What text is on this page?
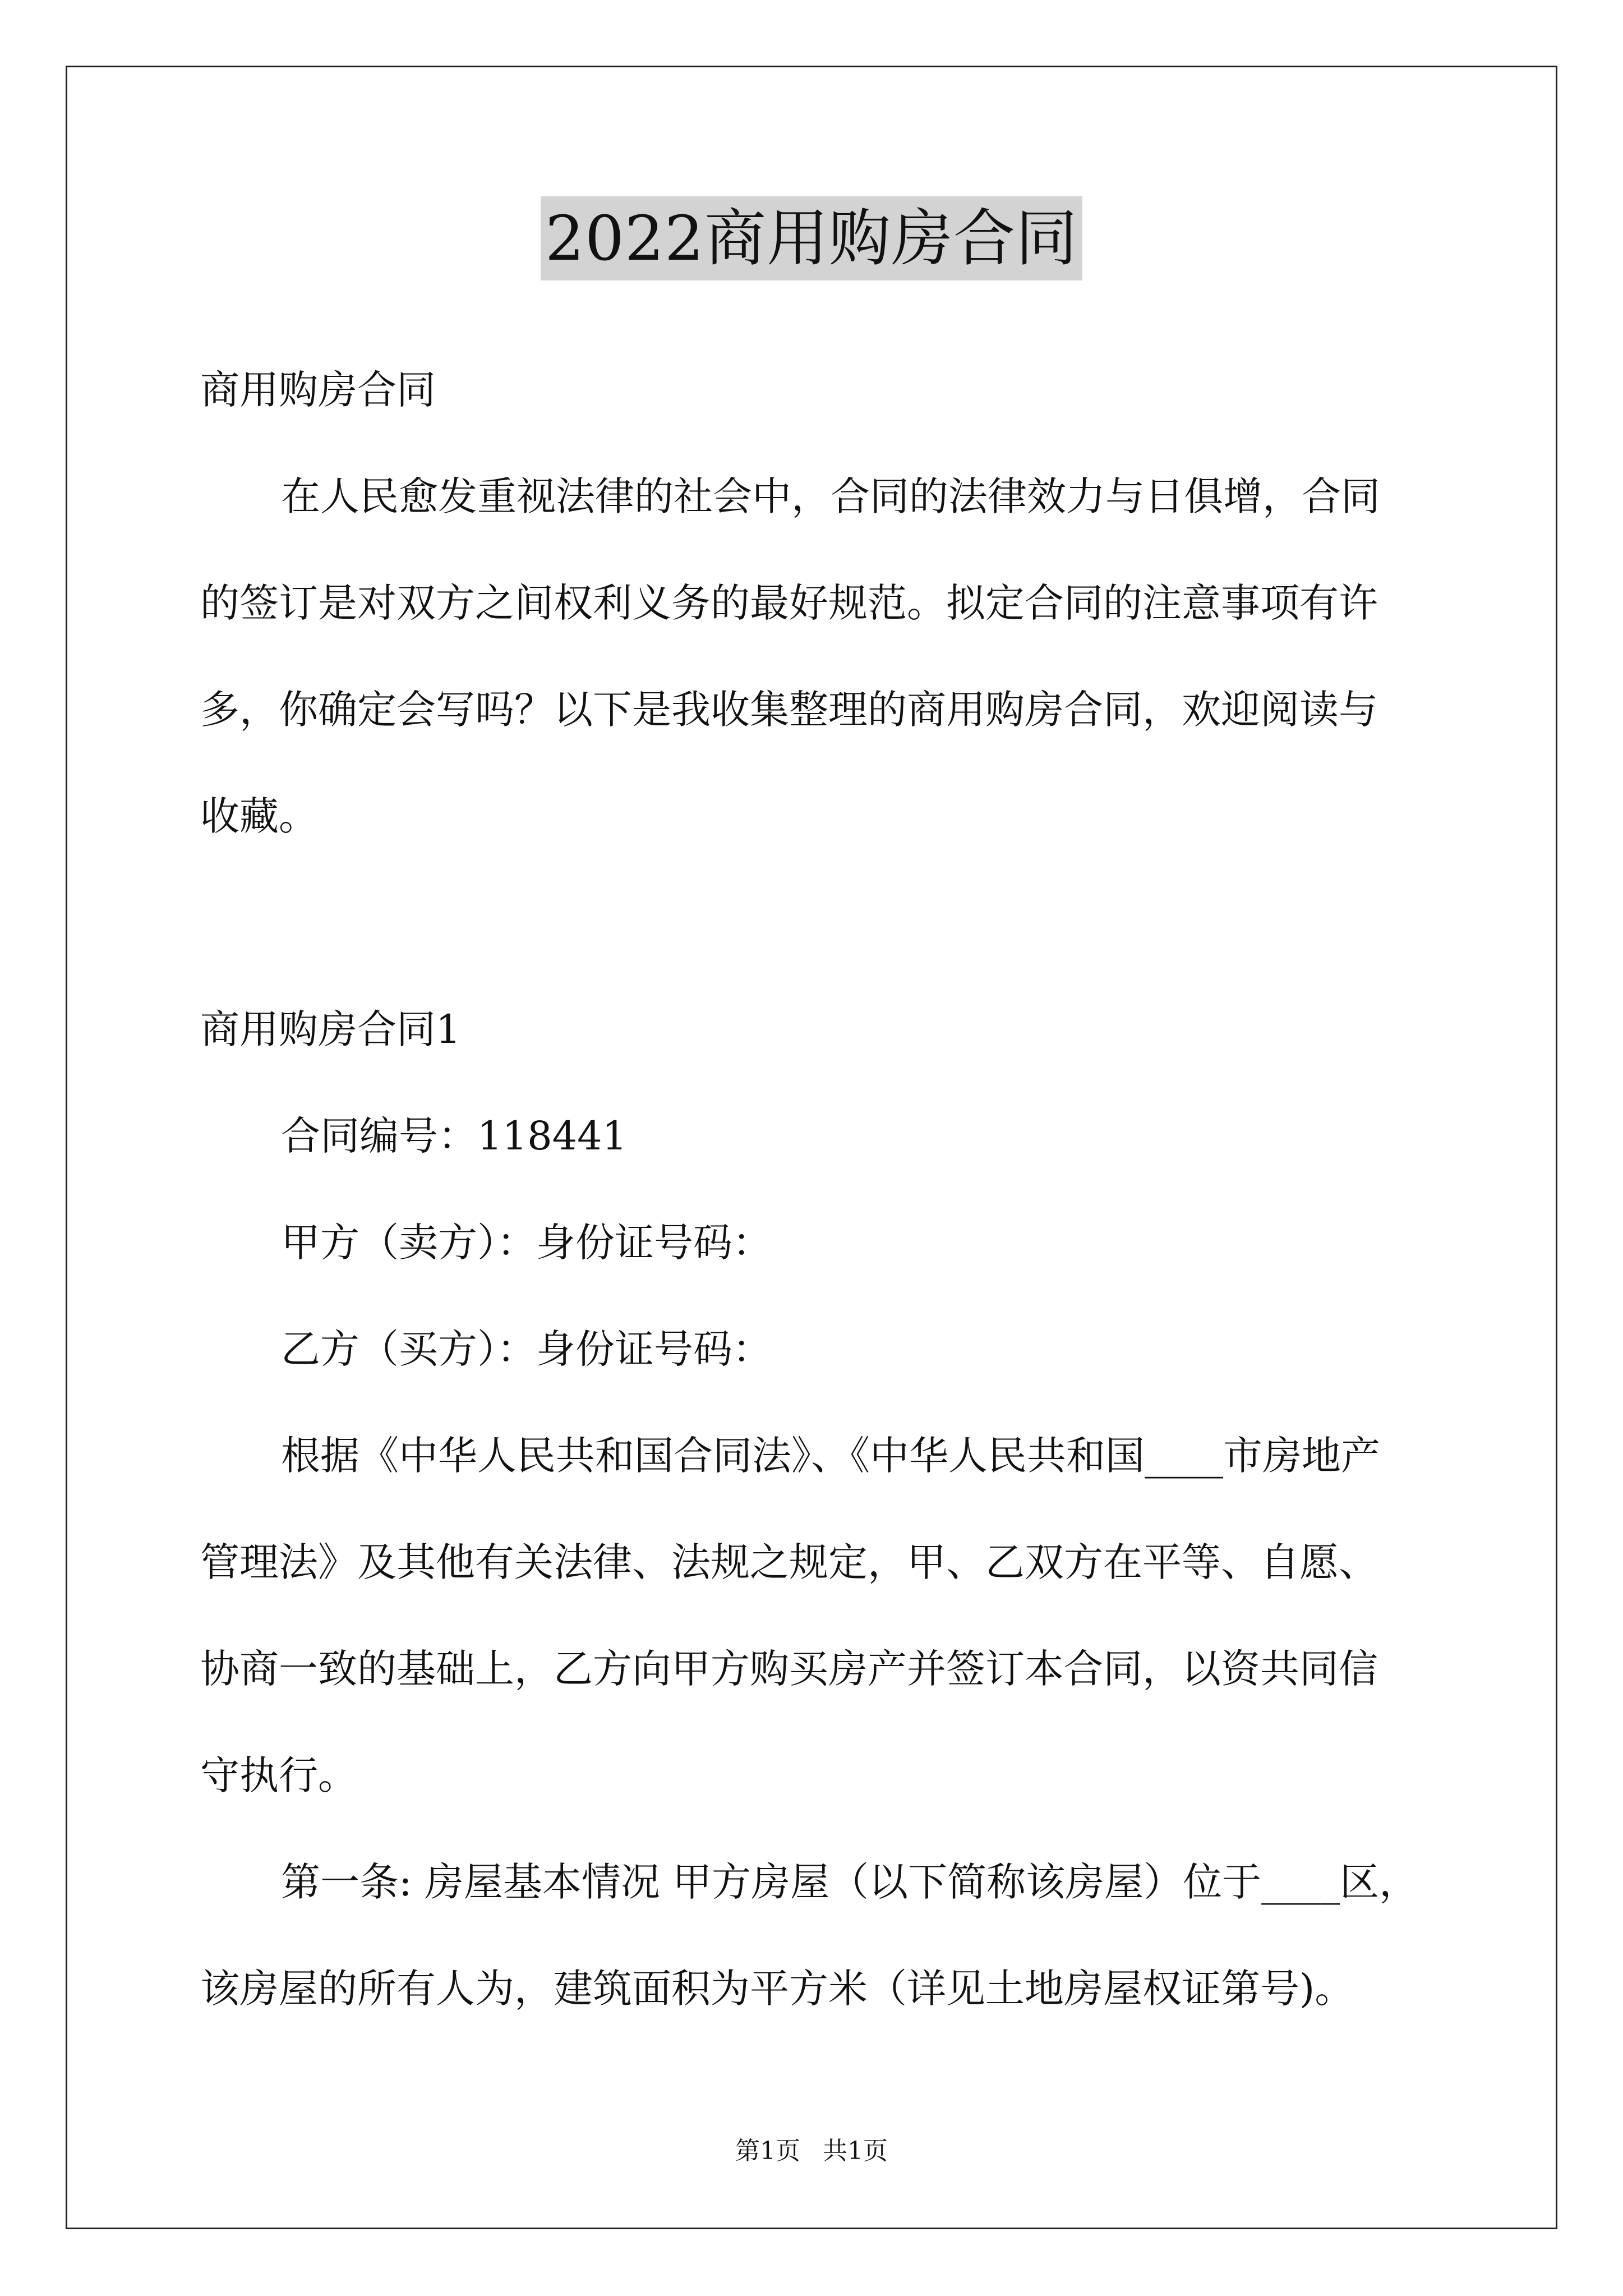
2022商用购房合同

商用购房合同

在人民愈发重视法律的社会中，合同的法律效力与日俱增，合同

的签订是对双方之间权利义务的最好规范。拟定合同的注意事项有许

多，你确定会写吗？以下是我收集整理的商用购房合同，欢迎阅读与

收藏。

商用购房合同1

合同编号：118441

甲方（卖方）：身份证号码：

乙方（买方）：身份证号码：

根据《中华人民共和国合同法》、《中华人民共和国____市房地产

管理法》及其他有关法律、法规之规定，甲、乙双方在平等、自愿、

协商一致的基础上，乙方向甲方购买房产并签订本合同，以资共同信

守执行。

第一条: 房屋基本情况 甲方房屋（以下简称该房屋）位于____区，

该房屋的所有人为，建筑面积为平方米（详见土地房屋权证第号)。

第1页 共1页
